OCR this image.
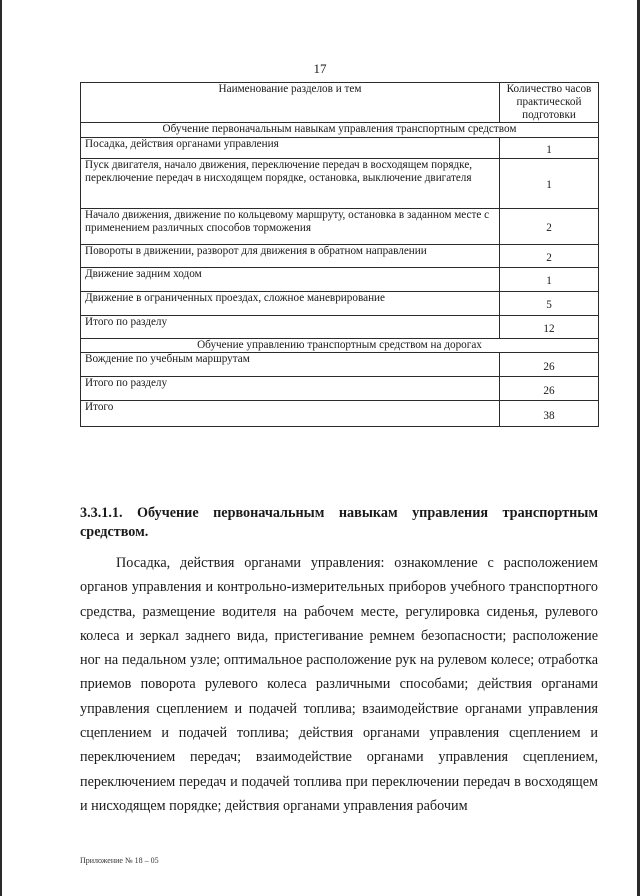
17
Наименование разделов и тем	Количество часов
практической
подготовки
Обучение первоначальным навыкам управления транспортным средством	
Посадка, действия органами управления	1
Пуск двигателя, начало движения, переключение передач в восходящем порядке, переключение передач в нисходящем порядке, остановка, выключение двигателя	1
Начало движения, движение по кольцевому маршруту, остановка в заданном месте с применением различных способов торможения	2
Повороты в движении, разворот для движения в обратном направлении	2
Движение задним ходом	1
Движение в ограниченных проездах, сложное маневрирование	5
Итого по разделу	12
Обучение управлению транспортным средством на дорогах	
Вождение по учебным маршрутам	26
Итого по разделу	26
Итого	38
3.3.1.1. Обучение первоначальным навыкам управления транспортным средством.
Посадка, действия органами управления: ознакомление с расположением органов управления и контрольно-измерительных приборов учебного транспортного средства, размещение водителя на рабочем месте, регулировка сиденья, рулевого колеса и зеркал заднего вида, пристегивание ремнем безопасности; расположение ног на педальном узле; оптимальное расположение рук на рулевом колесе; отработка приемов поворота рулевого колеса различными способами; действия органами управления сцеплением и подачей топлива; взаимодействие органами управления сцеплением и подачей топлива; действия органами управления сцеплением и переключением передач; взаимодействие органами управления сцеплением, переключением передач и подачей топлива при переключении передач в восходящем и нисходящем порядке; действия органами управления рабочим
Приложение № 18 – 05
